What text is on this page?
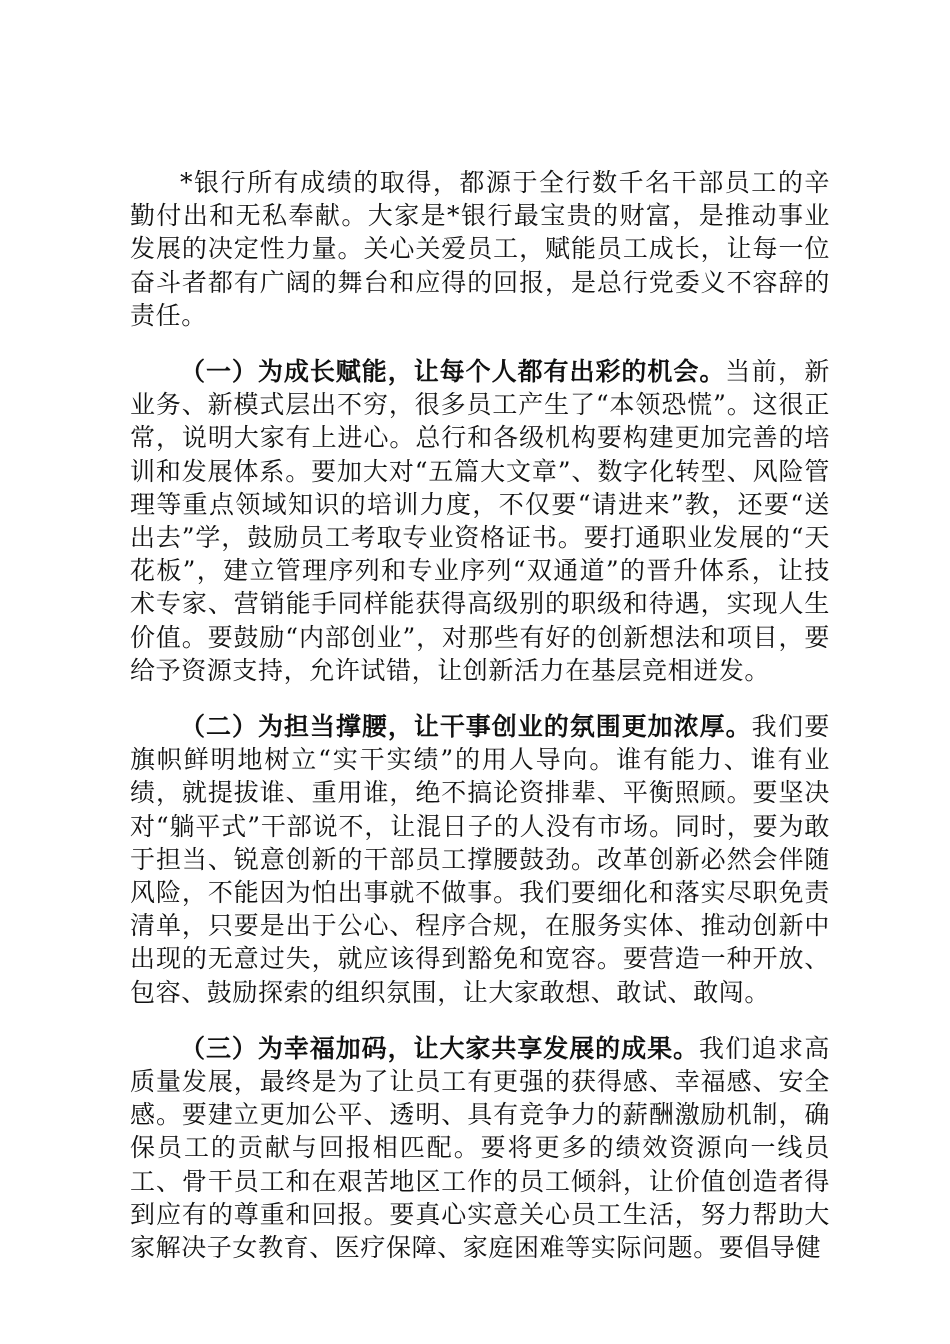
*银行所有成绩的取得，都源于全行数千名干部员工的辛勤付出和无私奉献。大家是*银行最宝贵的财富，是推动事业发展的决定性力量。关心关爱员工，赋能员工成长，让每一位奋斗者都有广阔的舞台和应得的回报，是总行党委义不容辞的责任。

（一）为成长赋能，让每个人都有出彩的机会。当前，新业务、新模式层出不穷，很多员工产生了“本领恐慌”。这很正常，说明大家有上进心。总行和各级机构要构建更加完善的培训和发展体系。要加大对“五篇大文章”、数字化转型、风险管理等重点领域知识的培训力度，不仅要“请进来”教，还要“送出去”学，鼓励员工考取专业资格证书。要打通职业发展的“天花板”，建立管理序列和专业序列“双通道”的晋升体系，让技术专家、营销能手同样能获得高级别的职级和待遇，实现人生价值。要鼓励“内部创业”，对那些有好的创新想法和项目，要给予资源支持，允许试错，让创新活力在基层竞相迸发。

（二）为担当撑腰，让干事创业的氛围更加浓厚。我们要旗帜鲜明地树立“实干实绩”的用人导向。谁有能力、谁有业绩，就提拔谁、重用谁，绝不搞论资排辈、平衡照顾。要坚决对“躺平式”干部说不，让混日子的人没有市场。同时，要为敢于担当、锐意创新的干部员工撑腰鼓劲。改革创新必然会伴随风险，不能因为怕出事就不做事。我们要细化和落实尽职免责清单，只要是出于公心、程序合规，在服务实体、推动创新中出现的无意过失，就应该得到豁免和宽容。要营造一种开放、包容、鼓励探索的组织氛围，让大家敢想、敢试、敢闯。

（三）为幸福加码，让大家共享发展的成果。我们追求高质量发展，最终是为了让员工有更强的获得感、幸福感、安全感。要建立更加公平、透明、具有竞争力的薪酬激励机制，确保员工的贡献与回报相匹配。要将更多的绩效资源向一线员工、骨干员工和在艰苦地区工作的员工倾斜，让价值创造者得到应有的尊重和回报。要真心实意关心员工生活，努力帮助大家解决子女教育、医疗保障、家庭困难等实际问题。要倡导健
